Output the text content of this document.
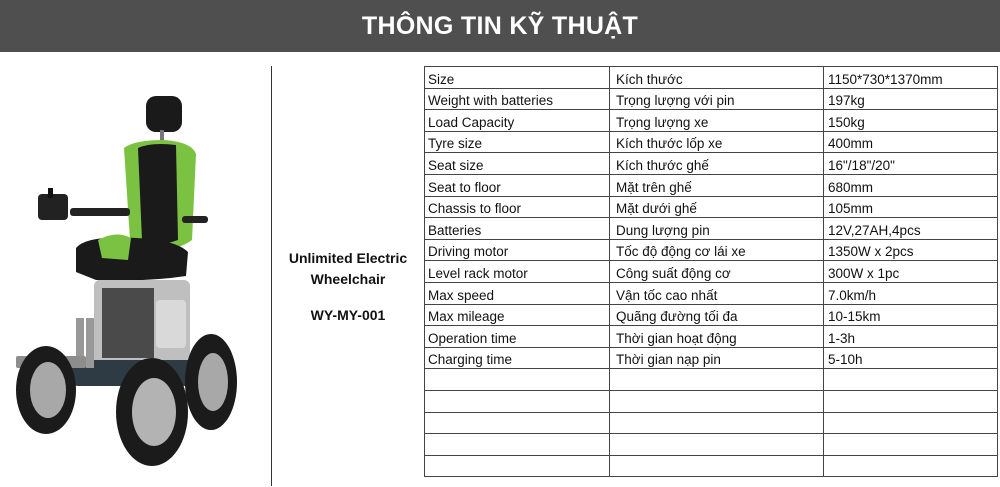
THÔNG TIN KỸ THUẬT
Unlimited Electric
Wheelchair
WY-MY-001
Size	Kích thước	1150*730*1370mm
Weight with batteries	Trọng lượng với pin	197kg
Load Capacity	Trọng lượng xe	150kg
Tyre size	Kích thước lốp xe	400mm
Seat size	Kích thước ghế	16"/18"/20"
Seat to floor	Mặt trên ghế	680mm
Chassis to floor	Mặt dưới ghế	105mm
Batteries	Dung lượng pin	12V,27AH,4pcs
Driving motor	Tốc độ động cơ lái xe	1350W x 2pcs
Level rack motor	Công suất động cơ	300W x 1pc
Max speed	Vận tốc cao nhất	7.0km/h
Max mileage	Quãng đường tối đa	10-15km
Operation time	Thời gian hoạt động	1-3h
Charging time	Thời gian nạp pin	5-10h
